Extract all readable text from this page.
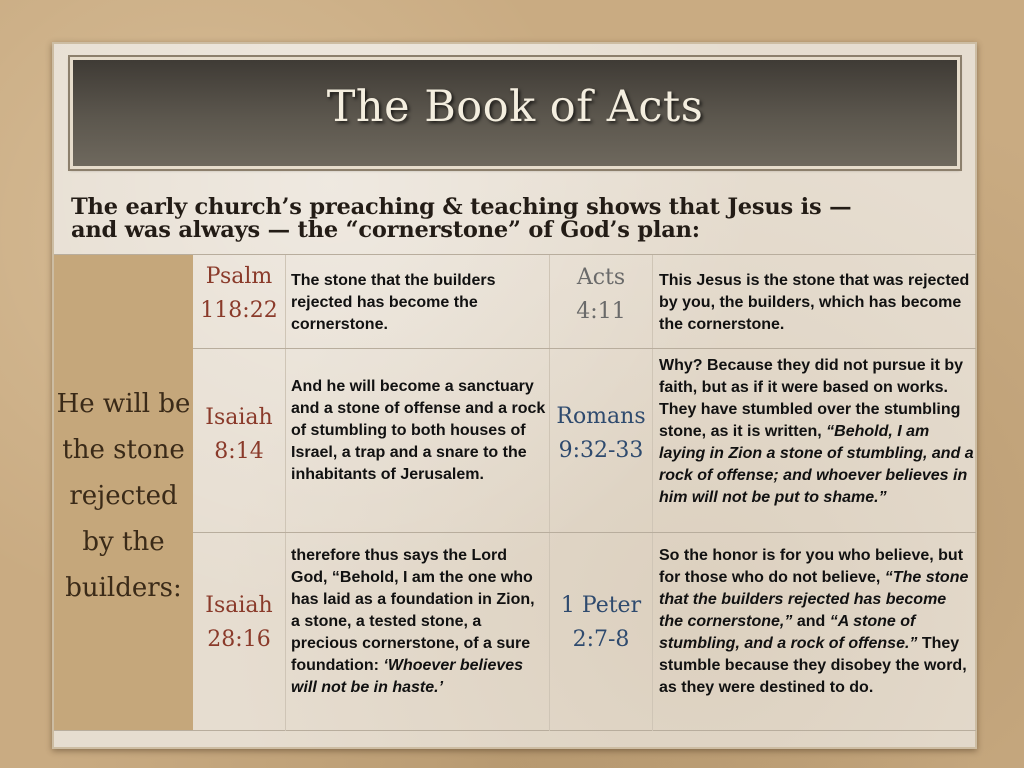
The Book of Acts
The early church’s preaching & teaching shows that Jesus is —
and was always — the “cornerstone” of God’s plan:
He will be
the stone
rejected
by the
builders:
Psalm
118:22
The stone that the builders rejected has become the cornerstone.
Acts
4:11
This Jesus is the stone that was rejected by you, the builders, which has become the cornerstone.
Isaiah
8:14
And he will become a sanctuary and a stone of offense and a rock of stumbling to both houses of Israel, a trap and a snare to the inhabitants of Jerusalem.
Romans
9:32-33
Why? Because they did not pursue it by faith, but as if it were based on works. They have stumbled over the stumbling stone, as it is written, “Behold, I am laying in Zion a stone of stumbling, and a rock of offense; and whoever believes in him will not be put to shame.”
Isaiah
28:16
therefore thus says the Lord God, “Behold, I am the one who has laid as a foundation in Zion, a stone, a tested stone, a precious cornerstone, of a sure foundation: ‘Whoever believes will not be in haste.’
1 Peter
2:7-8
So the honor is for you who believe, but for those who do not believe, “The stone that the builders rejected has become the cornerstone,” and “A stone of stumbling, and a rock of offense.” They stumble because they disobey the word, as they were destined to do.
